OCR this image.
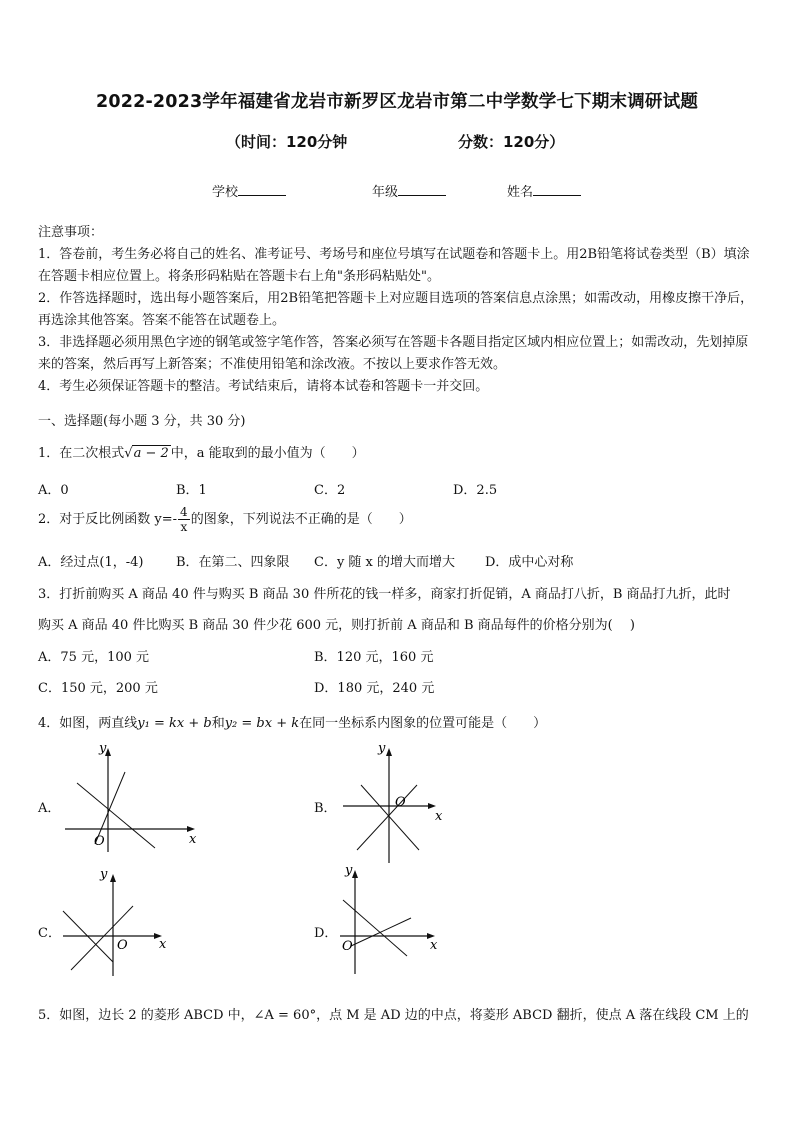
2022-2023学年福建省龙岩市新罗区龙岩市第二中学数学七下期末调研试题
（时间：120分钟	分数：120分）
学校	年级	姓名

注意事项：

1．答卷前，考生务必将自己的姓名、准考证号、考场号和座位号填写在试题卷和答题卡上。用2B铅笔将试卷类型（B）填涂在答题卡相应位置上。将条形码粘贴在答题卡右上角"条形码粘贴处"。

2．作答选择题时，选出每小题答案后，用2B铅笔把答题卡上对应题目选项的答案信息点涂黑；如需改动，用橡皮擦干净后，再选涂其他答案。答案不能答在试题卷上。

3．非选择题必须用黑色字迹的钢笔或签字笔作答，答案必须写在答题卡各题目指定区域内相应位置上；如需改动，先划掉原来的答案，然后再写上新答案；不准使用铅笔和涂改液。不按以上要求作答无效。

4．考生必须保证答题卡的整洁。考试结束后，请将本试卷和答题卡一并交回。

一、选择题(每小题 3 分，共 30 分)
1．在二次根式√a − 2 中，a 能取到的最小值为（　　）
A．0	B．1	C．2	D．2.5
2．对于反比例函数 $y=- \frac{4}{x}$ 的图象，下列说法不正确的是（　　）
A．经过点(1，-4)	B．在第二、四象限 C．y 随 x 的增大而增大 D．成中心对称
3．打折前购买 A 商品 40 件与购买 B 商品 30 件所花的钱一样多，商家打折促销，A 商品打八折，B 商品打九折，此时
购买 A 商品 40 件比购买 B 商品 30 件少花 600 元，则打折前 A 商品和 B 商品每件的价格分别为(　 )
A．75 元，100 元	B．120 元，160 元
C．150 元，200 元	D．180 元，240 元
4．如图，两直线y₁ = kx + b和y₂ = bx + k在同一坐标系内图象的位置可能是（　　）
A．	B．
C．	D．
y
x
O
y
x
O
y
x
O
y
x
O
5．如图，边长 2 的菱形 ABCD 中，∠A = 60°，点 M 是 AD 边的中点，将菱形 ABCD 翻折，使点 A 落在线段 CM 上的
